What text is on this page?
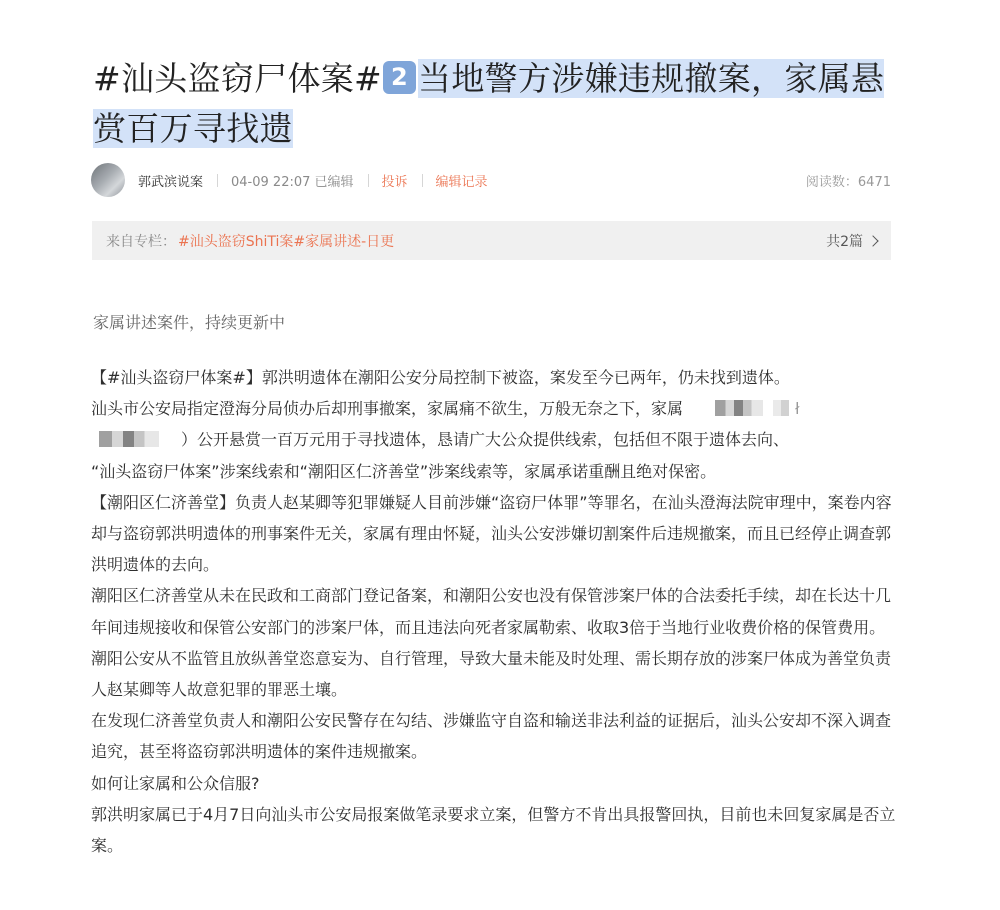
#汕头盗窃尸体案# 2 当地警方涉嫌违规撤案，家属悬
赏百万寻找遗
郭武滨说案 04-09 22:07 已编辑 投诉 编辑记录	阅读数：6471
来自专栏： #汕头盗窃ShiTi案#家属讲述-日更	共2篇
家属讲述案件，持续更新中

【#汕头盗窃尸体案#】郭洪明遗体在潮阳公安分局控制下被盗，案发至今已两年，仍未找到遗体。
汕头市公安局指定澄海分局侦办后却刑事撤案，家属痛不欲生，万般无奈之下，家属	ł
）公开悬赏一百万元用于寻找遗体，恳请广大公众提供线索，包括但不限于遗体去向、
“汕头盗窃尸体案”涉案线索和“潮阳区仁济善堂”涉案线索等，家属承诺重酬且绝对保密。

【潮阳区仁济善堂】负责人赵某卿等犯罪嫌疑人目前涉嫌“盗窃尸体罪”等罪名，在汕头澄海法院审理中，案卷内容却与盗窃郭洪明遗体的刑事案件无关，家属有理由怀疑，汕头公安涉嫌切割案件后违规撤案，而且已经停止调查郭洪明遗体的去向。

潮阳区仁济善堂从未在民政和工商部门登记备案，和潮阳公安也没有保管涉案尸体的合法委托手续，却在长达十几年间违规接收和保管公安部门的涉案尸体，而且违法向死者家属勒索、收取3倍于当地行业收费价格的保管费用。

潮阳公安从不监管且放纵善堂恣意妄为、自行管理，导致大量未能及时处理、需长期存放的涉案尸体成为善堂负责人赵某卿等人故意犯罪的罪恶土壤。

在发现仁济善堂负责人和潮阳公安民警存在勾结、涉嫌监守自盗和输送非法利益的证据后，汕头公安却不深入调查追究，甚至将盗窃郭洪明遗体的案件违规撤案。

如何让家属和公众信服?

郭洪明家属已于4月7日向汕头市公安局报案做笔录要求立案，但警方不肯出具报警回执，目前也未回复家属是否立案。
